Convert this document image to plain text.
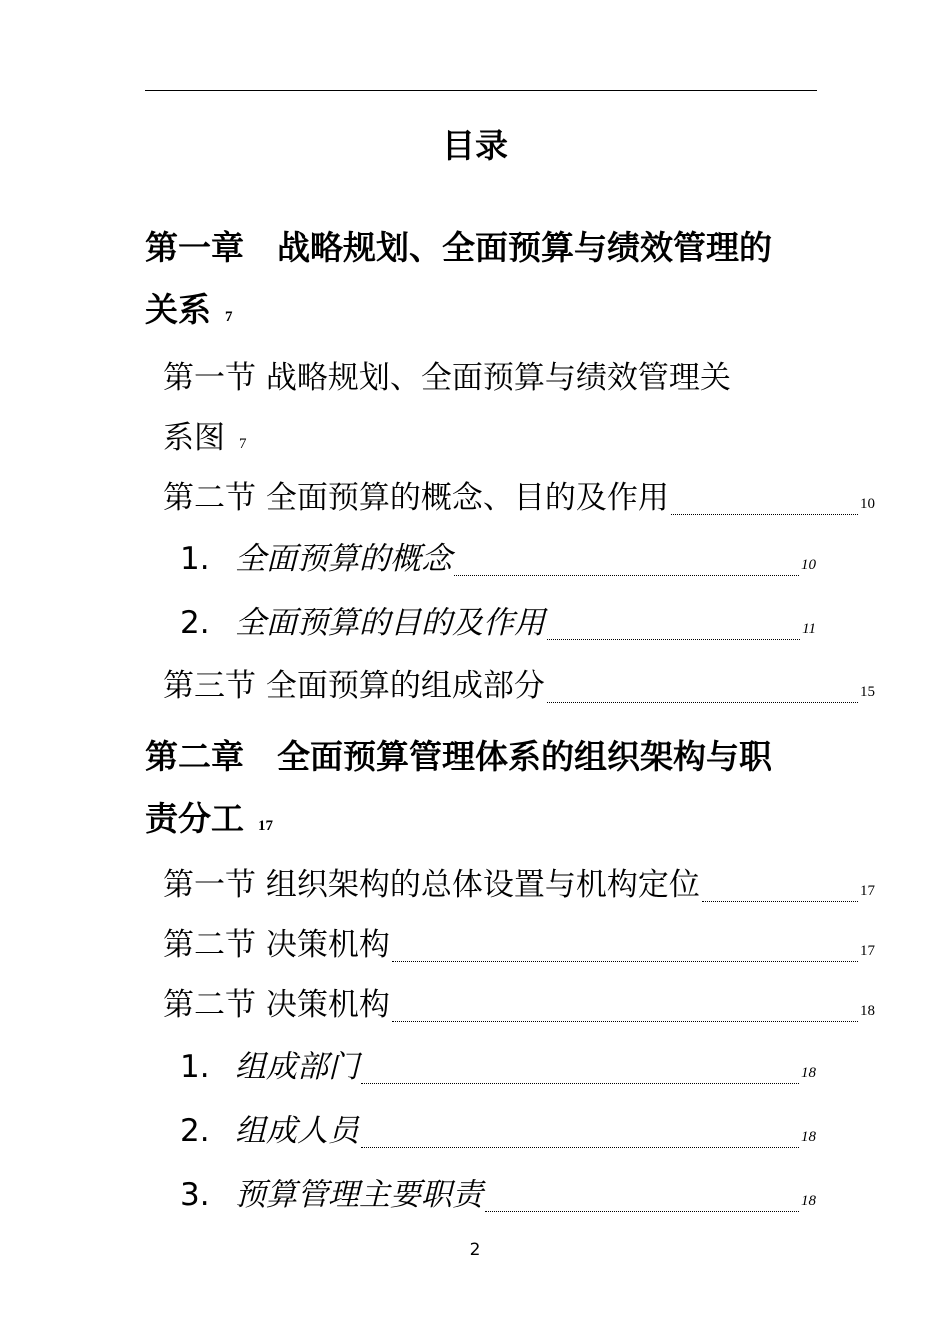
目录
第一章　战略规划、全面预算与绩效管理的
关系 7
第一节 战略规划、全面预算与绩效管理关
系图 7
第二节 全面预算的概念、目的及作用	10
1. 全面预算的概念	10
2. 全面预算的目的及作用	11
第三节 全面预算的组成部分	15
第二章　全面预算管理体系的组织架构与职
责分工 17
第一节 组织架构的总体设置与机构定位	17
第二节 决策机构	17
第二节 决策机构	18
1. 组成部门	18
2. 组成人员	18
3. 预算管理主要职责	18
2
